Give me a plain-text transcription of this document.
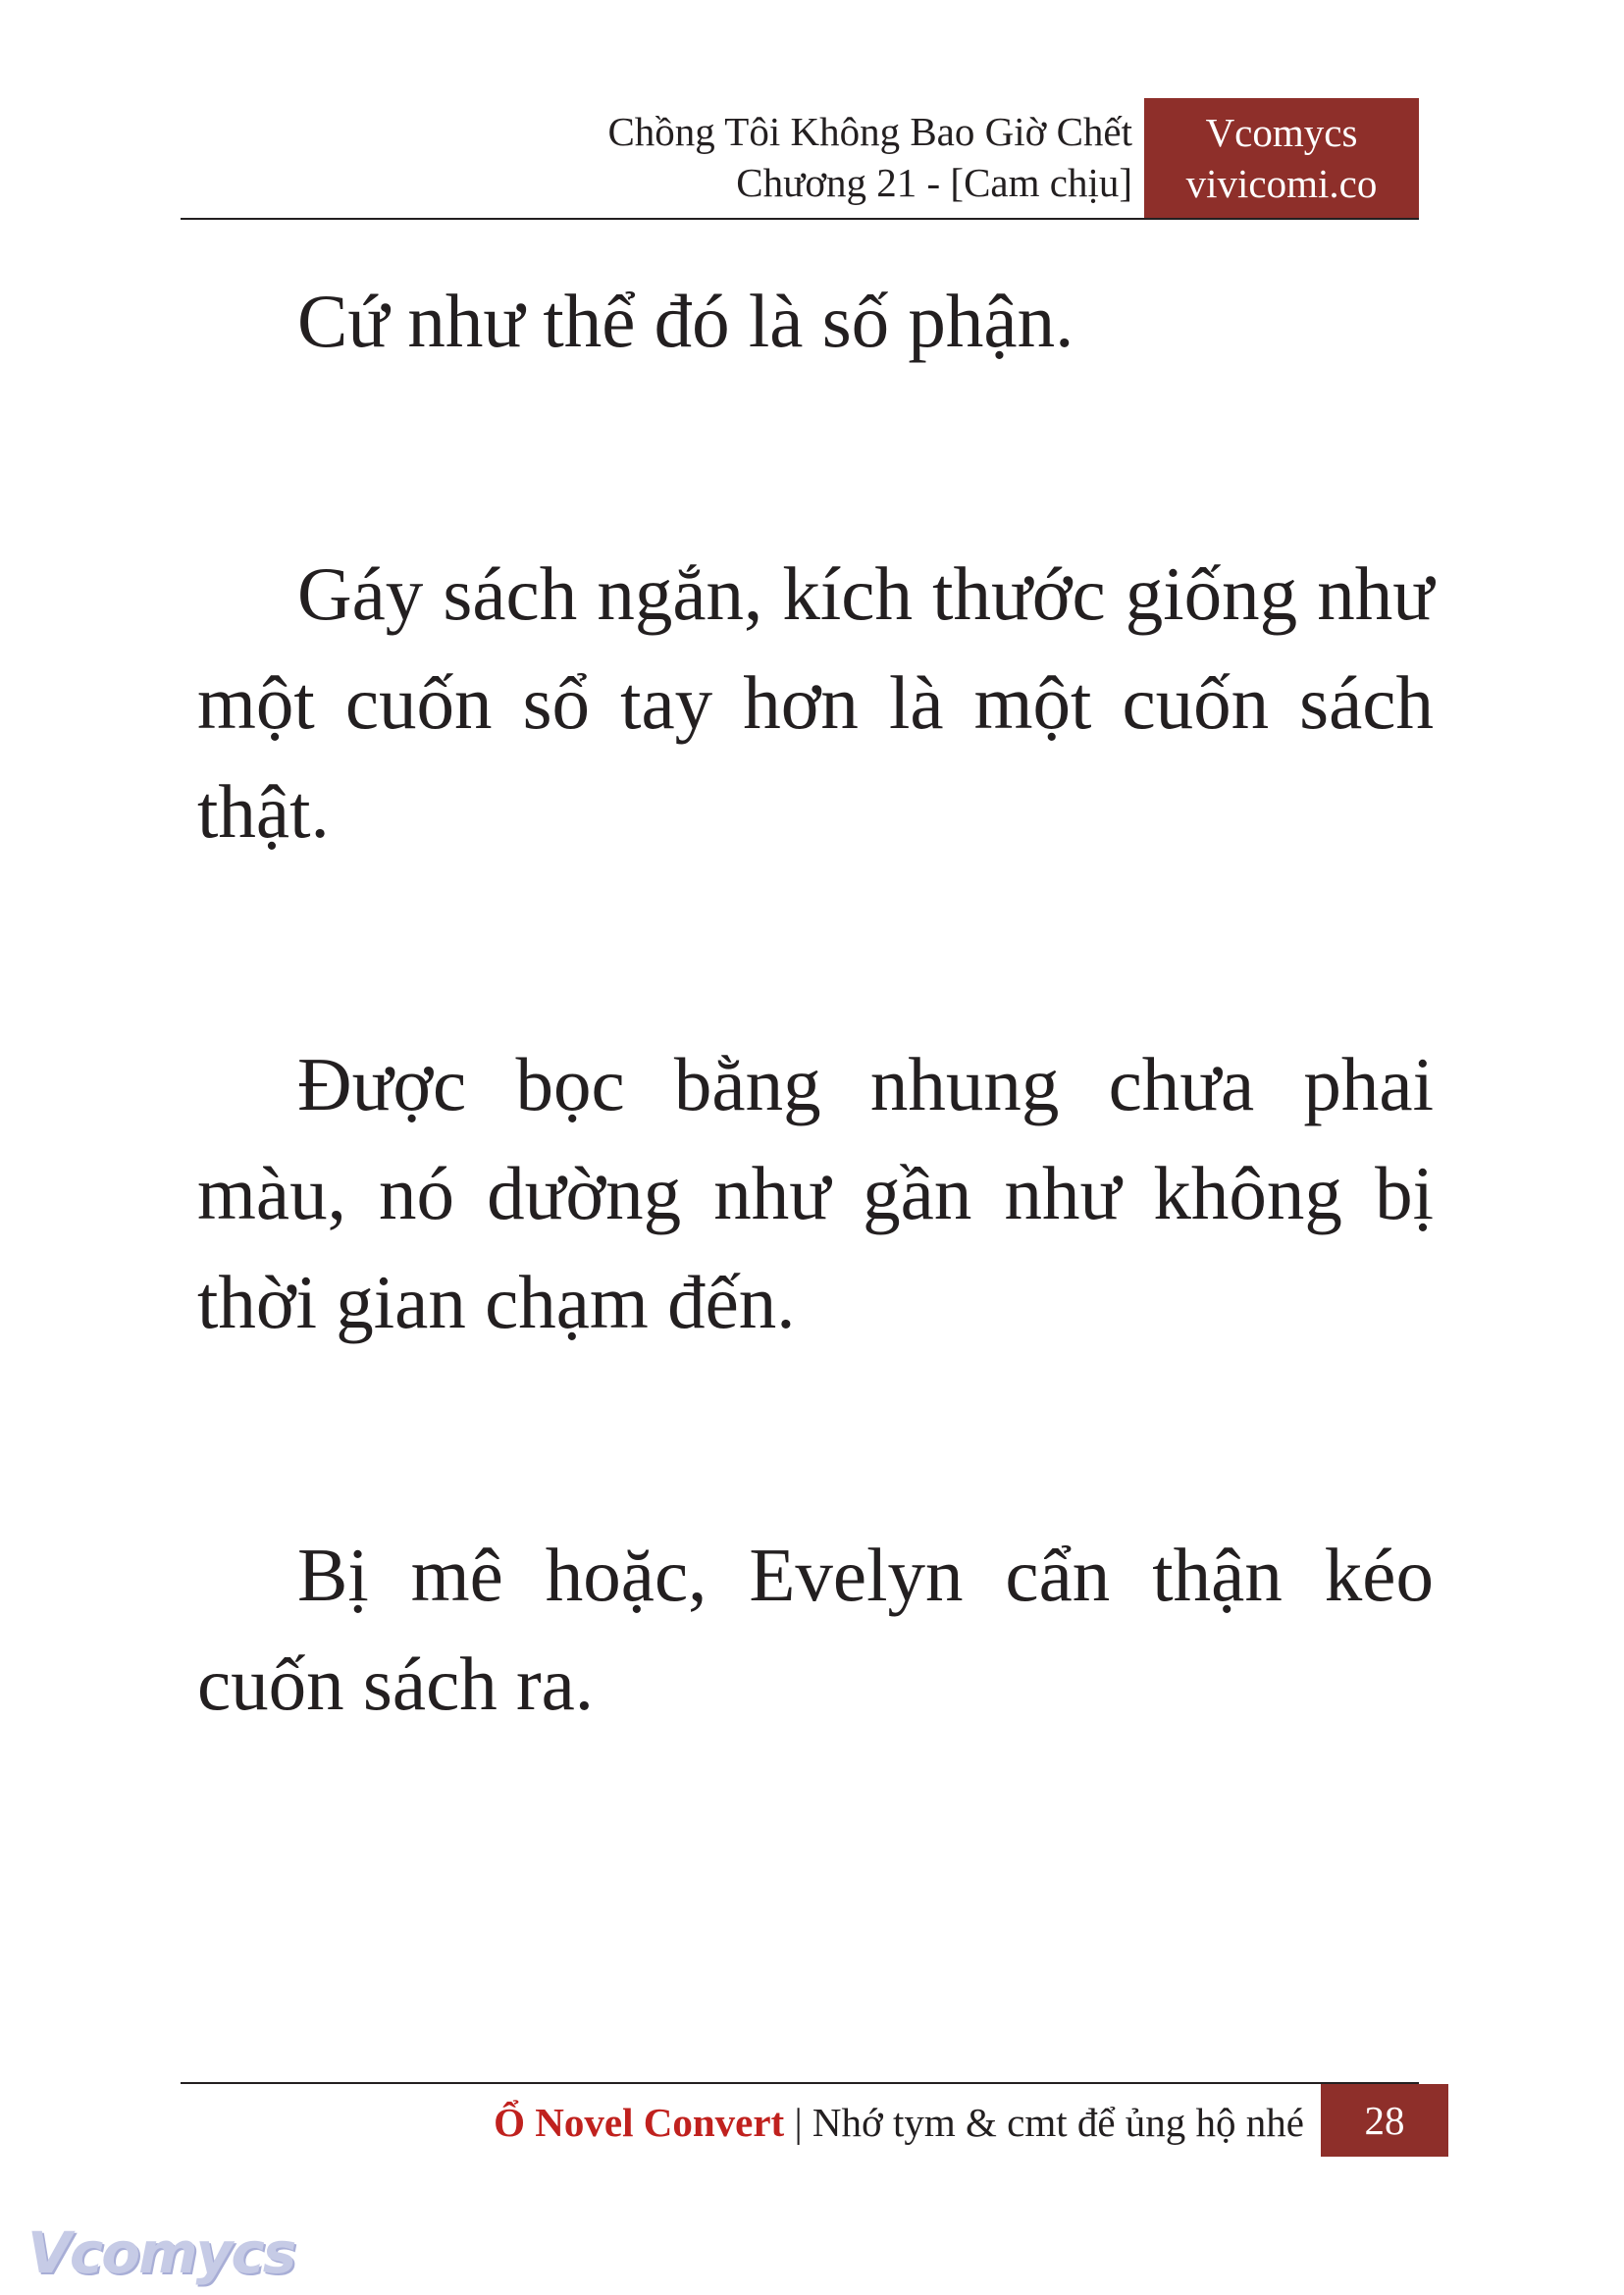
Chồng Tôi Không Bao Giờ Chết
Chương 21 - [Cam chịu]
Vcomycs
vivicomi.co

Cứ như thể đó là số phận.

Gáy sách ngắn, kích thước giống như một cuốn sổ tay hơn là một cuốn sách thật.

Được bọc bằng nhung chưa phai màu, nó dường như gần như không bị thời gian chạm đến.

Bị mê hoặc, Evelyn cẩn thận kéo cuốn sách ra.

Ổ Novel Convert | Nhớ tym & cmt để ủng hộ nhé	28
Vcomycs
